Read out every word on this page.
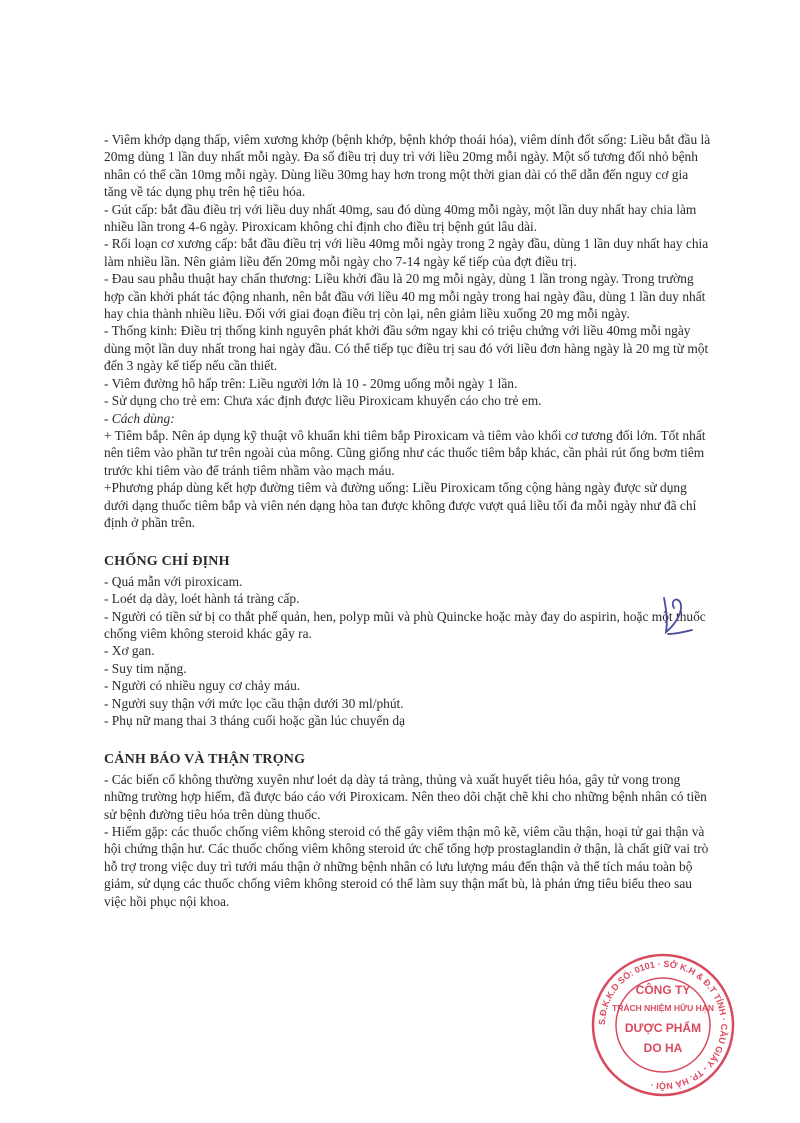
- Viêm khớp dạng thấp, viêm xương khớp (bệnh khớp, bệnh khớp thoái hóa), viêm dính đốt sống: Liều bắt đầu là 20mg dùng 1 lần duy nhất mỗi ngày. Đa số điều trị duy trì với liều 20mg mỗi ngày. Một số tương đối nhỏ bệnh nhân có thể cần 10mg mỗi ngày. Dùng liều 30mg hay hơn trong một thời gian dài có thể dẫn đến nguy cơ gia tăng về tác dụng phụ trên hệ tiêu hóa.

- Gút cấp: bắt đầu điều trị với liều duy nhất 40mg, sau đó dùng 40mg mỗi ngày, một lần duy nhất hay chia làm nhiều lần trong 4-6 ngày. Piroxicam không chỉ định cho điều trị bệnh gút lâu dài.

- Rối loạn cơ xương cấp: bắt đầu điều trị với liều 40mg mỗi ngày trong 2 ngày đầu, dùng 1 lần duy nhất hay chia làm nhiều lần. Nên giảm liều đến 20mg mỗi ngày cho 7-14 ngày kế tiếp của đợt điều trị.

- Đau sau phẫu thuật hay chấn thương: Liều khởi đầu là 20 mg mỗi ngày, dùng 1 lần trong ngày. Trong trường hợp cần khởi phát tác động nhanh, nên bắt đầu với liều 40 mg mỗi ngày trong hai ngày đầu, dùng 1 lần duy nhất hay chia thành nhiều liều. Đối với giai đoạn điều trị còn lại, nên giảm liều xuống 20 mg mỗi ngày.

- Thống kinh: Điều trị thống kinh nguyên phát khởi đầu sớm ngay khi có triệu chứng với liều 40mg mỗi ngày dùng một lần duy nhất trong hai ngày đầu. Có thể tiếp tục điều trị sau đó với liều đơn hàng ngày là 20 mg từ một đến 3 ngày kế tiếp nếu cần thiết.

- Viêm đường hô hấp trên: Liều người lớn là 10 - 20mg uống mỗi ngày 1 lần.

- Sử dụng cho trẻ em: Chưa xác định được liều Piroxicam khuyến cáo cho trẻ em.

- Cách dùng:

+ Tiêm bắp. Nên áp dụng kỹ thuật vô khuẩn khi tiêm bắp Piroxicam và tiêm vào khối cơ tương đối lớn. Tốt nhất nên tiêm vào phần tư trên ngoài của mông. Cũng giống như các thuốc tiêm bắp khác, cần phải rút ống bơm tiêm trước khi tiêm vào để tránh tiêm nhầm vào mạch máu.

+Phương pháp dùng kết hợp đường tiêm và đường uống: Liều Piroxicam tổng cộng hàng ngày được sử dụng dưới dạng thuốc tiêm bắp và viên nén dạng hòa tan được không được vượt quá liều tối đa mỗi ngày như đã chỉ định ở phần trên.

CHỐNG CHỈ ĐỊNH

- Quá mẫn với piroxicam.

- Loét dạ dày, loét hành tá tràng cấp.

- Người có tiền sử bị co thắt phế quản, hen, polyp mũi và phù Quincke hoặc mày đay do aspirin, hoặc một thuốc chống viêm không steroid khác gây ra.

- Xơ gan.

- Suy tim nặng.

- Người có nhiều nguy cơ chảy máu.

- Người suy thận với mức lọc cầu thận dưới 30 ml/phút.

- Phụ nữ mang thai 3 tháng cuối hoặc gần lúc chuyển dạ

CẢNH BÁO VÀ THẬN TRỌNG

- Các biến cố không thường xuyên như loét dạ dày tá tràng, thủng và xuất huyết tiêu hóa, gây tử vong trong những trường hợp hiếm, đã được báo cáo với Piroxicam. Nên theo dõi chặt chẽ khi cho những bệnh nhân có tiền sử bệnh đường tiêu hóa trên dùng thuốc.

- Hiếm gặp: các thuốc chống viêm không steroid có thể gây viêm thận mô kẽ, viêm cầu thận, hoại tử gai thận và hội chứng thận hư. Các thuốc chống viêm không steroid ức chế tổng hợp prostaglandin ở thận, là chất giữ vai trò hỗ trợ trong việc duy trì tưới máu thận ở những bệnh nhân có lưu lượng máu đến thận và thể tích máu toàn bộ giảm, sử dụng các thuốc chống viêm không steroid có thể làm suy thận mất bù, là phản ứng tiêu biểu theo sau việc hồi phục nội khoa.

S.Đ.K.K.D SỐ: 0101 · SỞ K.H & Đ.T TỈNH · CẦU GIẤY - TP. HÀ NỘI ·
CÔNG TY
TRÁCH NHIỆM HỮU HẠN
DƯỢC PHẨM
DO HA
